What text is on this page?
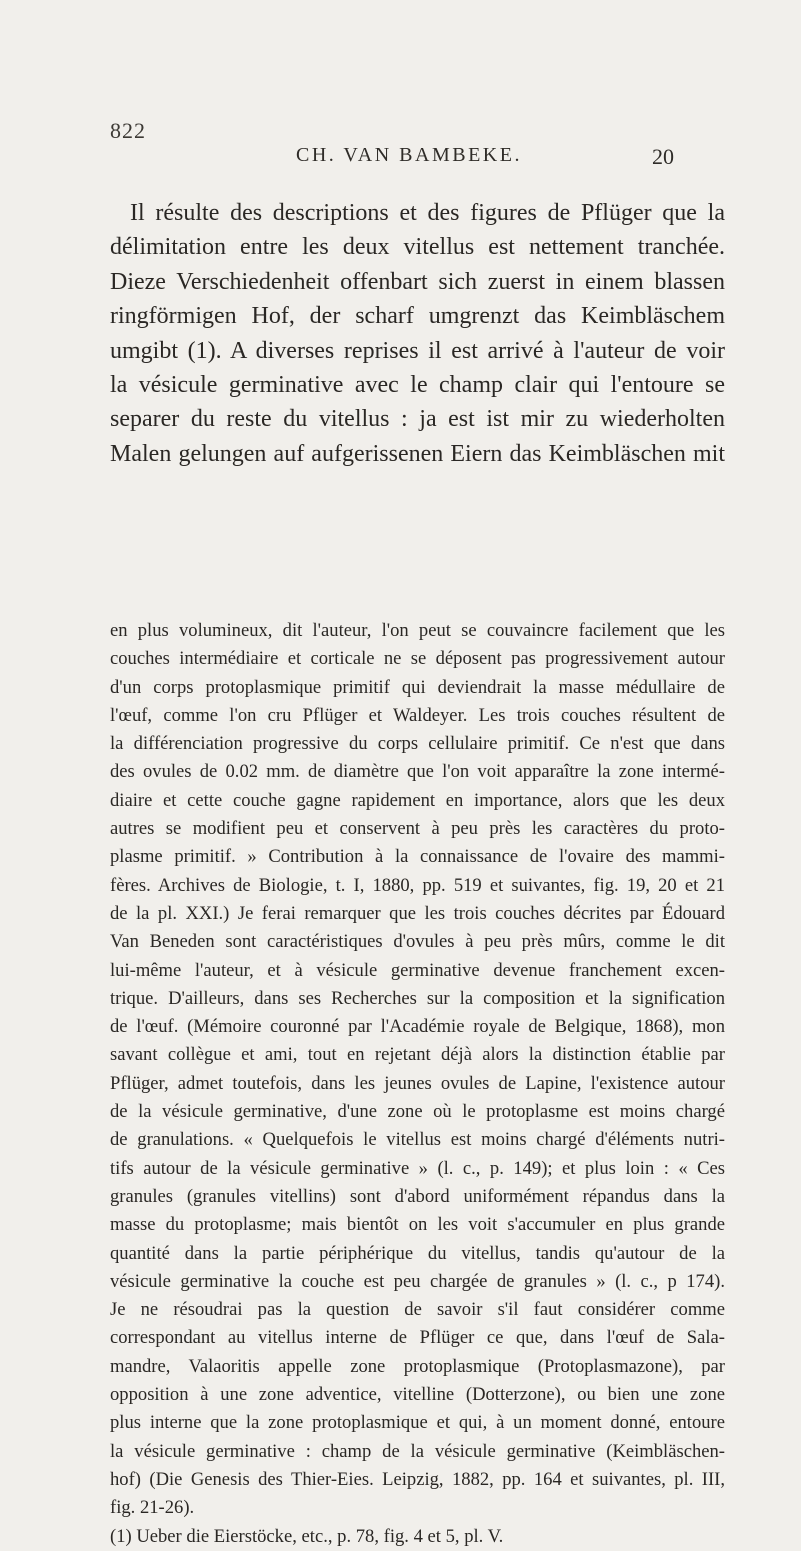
822
CH. VAN BAMBEKE.	20
Il résulte des descriptions et des figures de Pflüger que la
délimitation entre les deux vitellus est nettement tranchée.
Dieze Verschiedenheit offenbart sich zuerst in einem blassen
ringförmigen Hof, der scharf umgrenzt das Keimbläschem
umgibt (1). A diverses reprises il est arrivé à l'auteur de voir
la vésicule germinative avec le champ clair qui l'entoure se
separer du reste du vitellus : ja est ist mir zu wiederholten
Malen gelungen auf aufgerissenen Eiern das Keimbläschen mit
en plus volumineux, dit l'auteur, l'on peut se couvaincre facilement que les
couches intermédiaire et corticale ne se déposent pas progressivement autour
d'un corps protoplasmique primitif qui deviendrait la masse médullaire de
l'œuf, comme l'on cru Pflüger et Waldeyer. Les trois couches résultent de
la différenciation progressive du corps cellulaire primitif. Ce n'est que dans
des ovules de 0.02 mm. de diamètre que l'on voit apparaître la zone intermé-
diaire et cette couche gagne rapidement en importance, alors que les deux
autres se modifient peu et conservent à peu près les caractères du proto-
plasme primitif. » Contribution à la connaissance de l'ovaire des mammi-
fères. Archives de Biologie, t. I, 1880, pp. 519 et suivantes, fig. 19, 20 et 21
de la pl. XXI.) Je ferai remarquer que les trois couches décrites par Édouard
Van Beneden sont caractéristiques d'ovules à peu près mûrs, comme le dit
lui-même l'auteur, et à vésicule germinative devenue franchement excen-
trique. D'ailleurs, dans ses Recherches sur la composition et la signification
de l'œuf. (Mémoire couronné par l'Académie royale de Belgique, 1868), mon
savant collègue et ami, tout en rejetant déjà alors la distinction établie par
Pflüger, admet toutefois, dans les jeunes ovules de Lapine, l'existence autour
de la vésicule germinative, d'une zone où le protoplasme est moins chargé
de granulations. « Quelquefois le vitellus est moins chargé d'éléments nutri-
tifs autour de la vésicule germinative » (l. c., p. 149); et plus loin : « Ces
granules (granules vitellins) sont d'abord uniformément répandus dans la
masse du protoplasme; mais bientôt on les voit s'accumuler en plus grande
quantité dans la partie périphérique du vitellus, tandis qu'autour de la
vésicule germinative la couche est peu chargée de granules » (l. c., p 174).
Je ne résoudrai pas la question de savoir s'il faut considérer comme
correspondant au vitellus interne de Pflüger ce que, dans l'œuf de Sala-
mandre, Valaoritis appelle zone protoplasmique (Protoplasmazone), par
opposition à une zone adventice, vitelline (Dotterzone), ou bien une zone
plus interne que la zone protoplasmique et qui, à un moment donné, entoure
la vésicule germinative : champ de la vésicule germinative (Keimbläschen-
hof) (Die Genesis des Thier-Eies. Leipzig, 1882, pp. 164 et suivantes, pl. III,
fig. 21-26).
(1) Ueber die Eierstöcke, etc., p. 78, fig. 4 et 5, pl. V.
